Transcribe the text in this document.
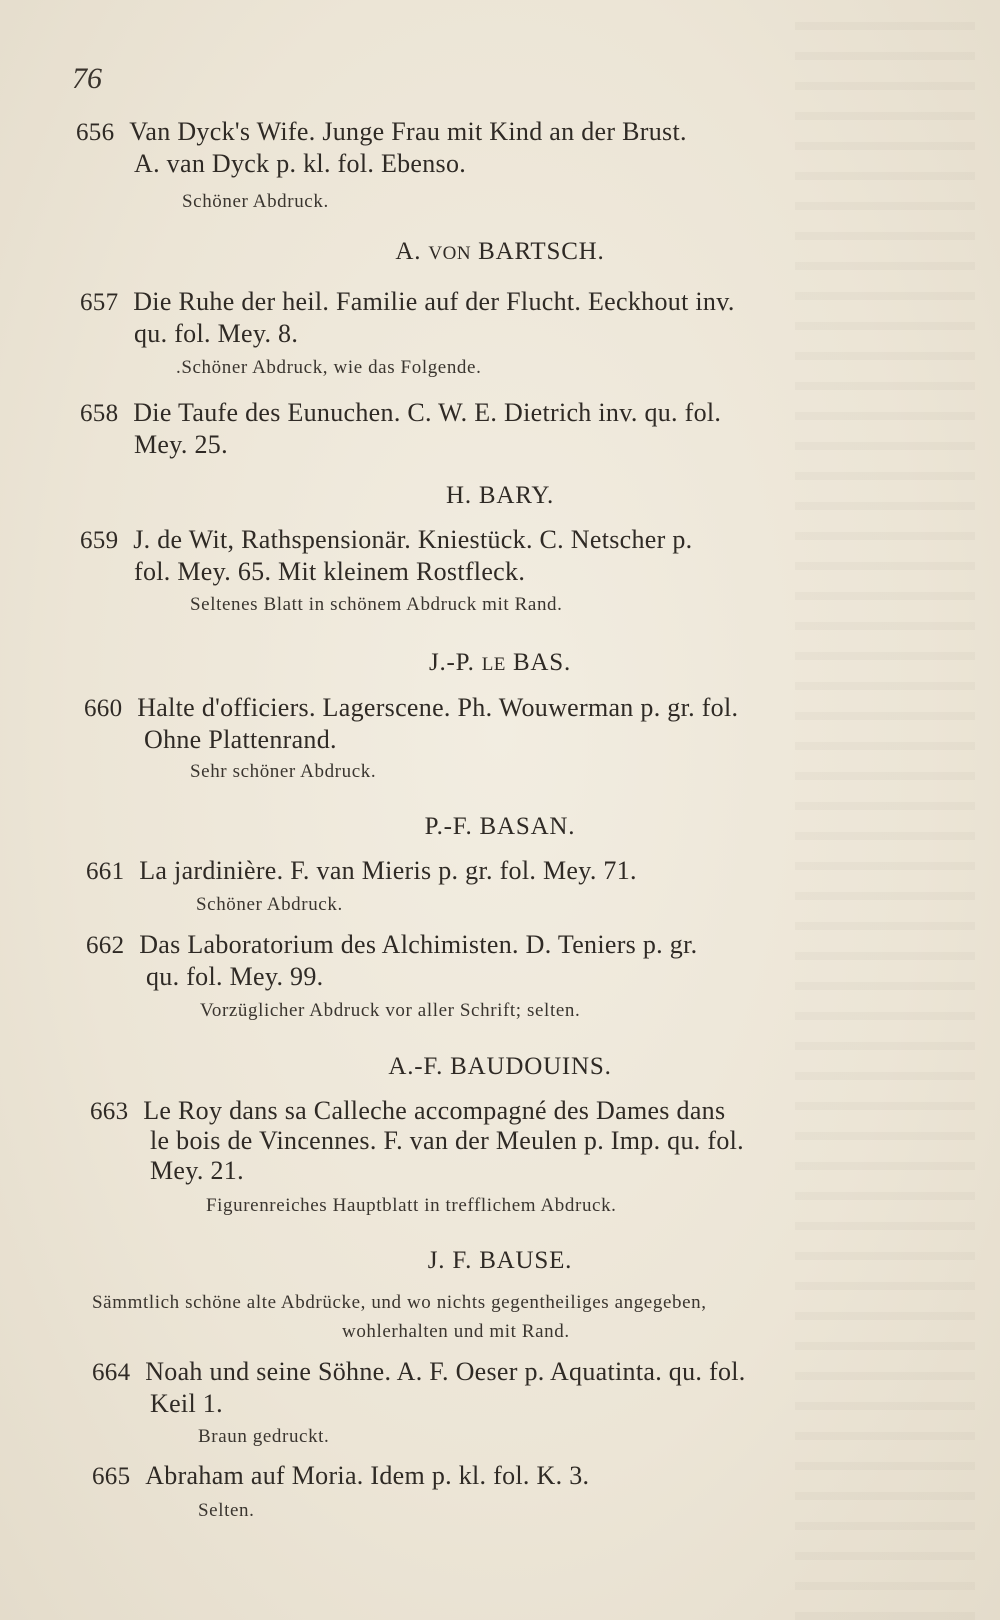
76
656 Van Dyck's Wife. Junge Frau mit Kind an der Brust.
A. van Dyck p. kl. fol. Ebenso.
Schöner Abdruck.
A. VON BARTSCH.
657 Die Ruhe der heil. Familie auf der Flucht. Eeckhout inv.
qu. fol. Mey. 8.
.Schöner Abdruck, wie das Folgende.
658 Die Taufe des Eunuchen. C. W. E. Dietrich inv. qu. fol.
Mey. 25.
H. BARY.
659 J. de Wit, Rathspensionär. Kniestück. C. Netscher p.
fol. Mey. 65. Mit kleinem Rostfleck.
Seltenes Blatt in schönem Abdruck mit Rand.
J.-P. LE BAS.
660 Halte d'officiers. Lagerscene. Ph. Wouwerman p. gr. fol.
Ohne Plattenrand.
Sehr schöner Abdruck.
P.-F. BASAN.
661 La jardinière. F. van Mieris p. gr. fol. Mey. 71.
Schöner Abdruck.
662 Das Laboratorium des Alchimisten. D. Teniers p. gr.
qu. fol. Mey. 99.
Vorzüglicher Abdruck vor aller Schrift; selten.
A.-F. BAUDOUINS.
663 Le Roy dans sa Calleche accompagné des Dames dans
le bois de Vincennes. F. van der Meulen p. Imp. qu. fol.
Mey. 21.
Figurenreiches Hauptblatt in trefflichem Abdruck.
J. F. BAUSE.
Sämmtlich schöne alte Abdrücke, und wo nichts gegentheiliges angegeben,
wohlerhalten und mit Rand.
664 Noah und seine Söhne. A. F. Oeser p. Aquatinta. qu. fol.
Keil 1.
Braun gedruckt.
665 Abraham auf Moria. Idem p. kl. fol. K. 3.
Selten.
